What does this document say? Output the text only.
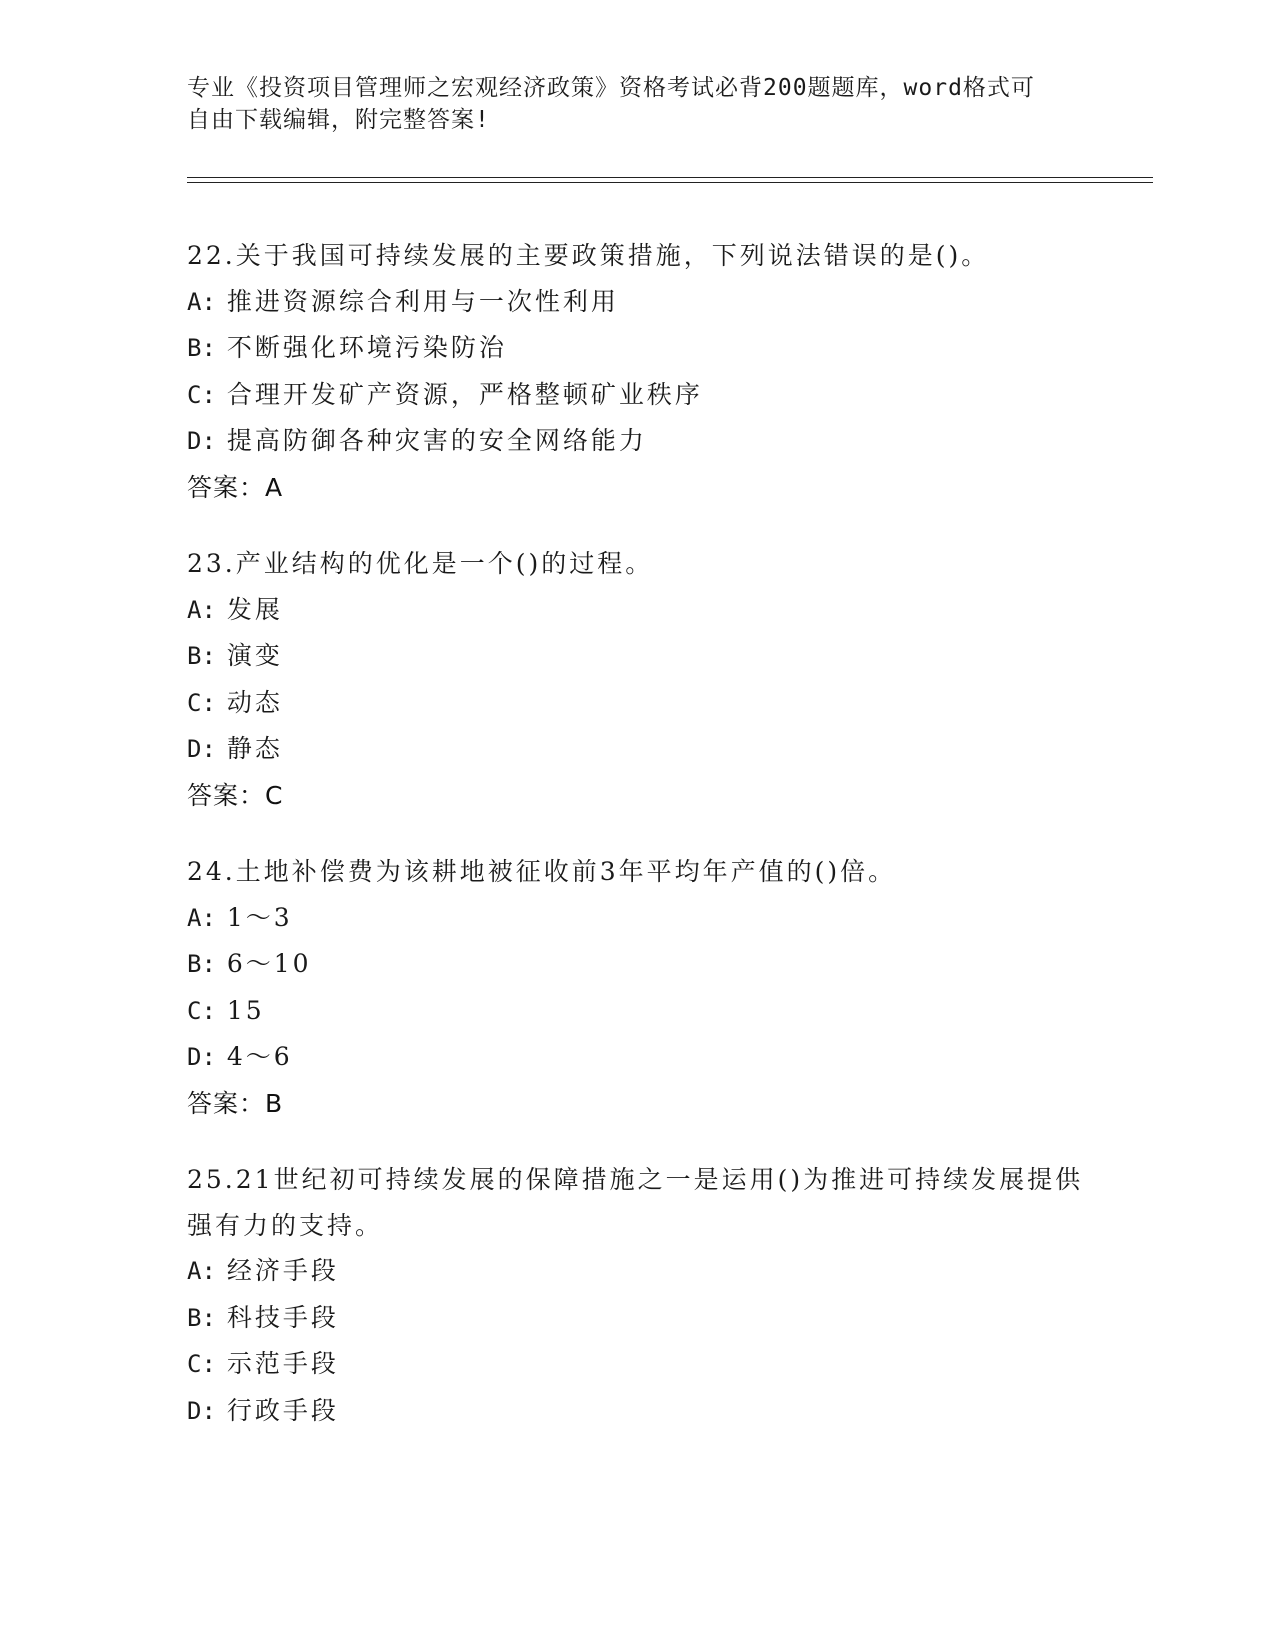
专业《投资项目管理师之宏观经济政策》资格考试必背200题题库，word格式可
自由下载编辑，附完整答案!
22.关于我国可持续发展的主要政策措施，下列说法错误的是()。
A: 推进资源综合利用与一次性利用
B: 不断强化环境污染防治
C: 合理开发矿产资源，严格整顿矿业秩序
D: 提高防御各种灾害的安全网络能力
答案：A
23.产业结构的优化是一个()的过程。
A: 发展
B: 演变
C: 动态
D: 静态
答案：C
24.土地补偿费为该耕地被征收前3年平均年产值的()倍。
A: 1～3
B: 6～10
C: 15
D: 4～6
答案：B
25.21世纪初可持续发展的保障措施之一是运用()为推进可持续发展提供强有力的支持。
A: 经济手段
B: 科技手段
C: 示范手段
D: 行政手段
